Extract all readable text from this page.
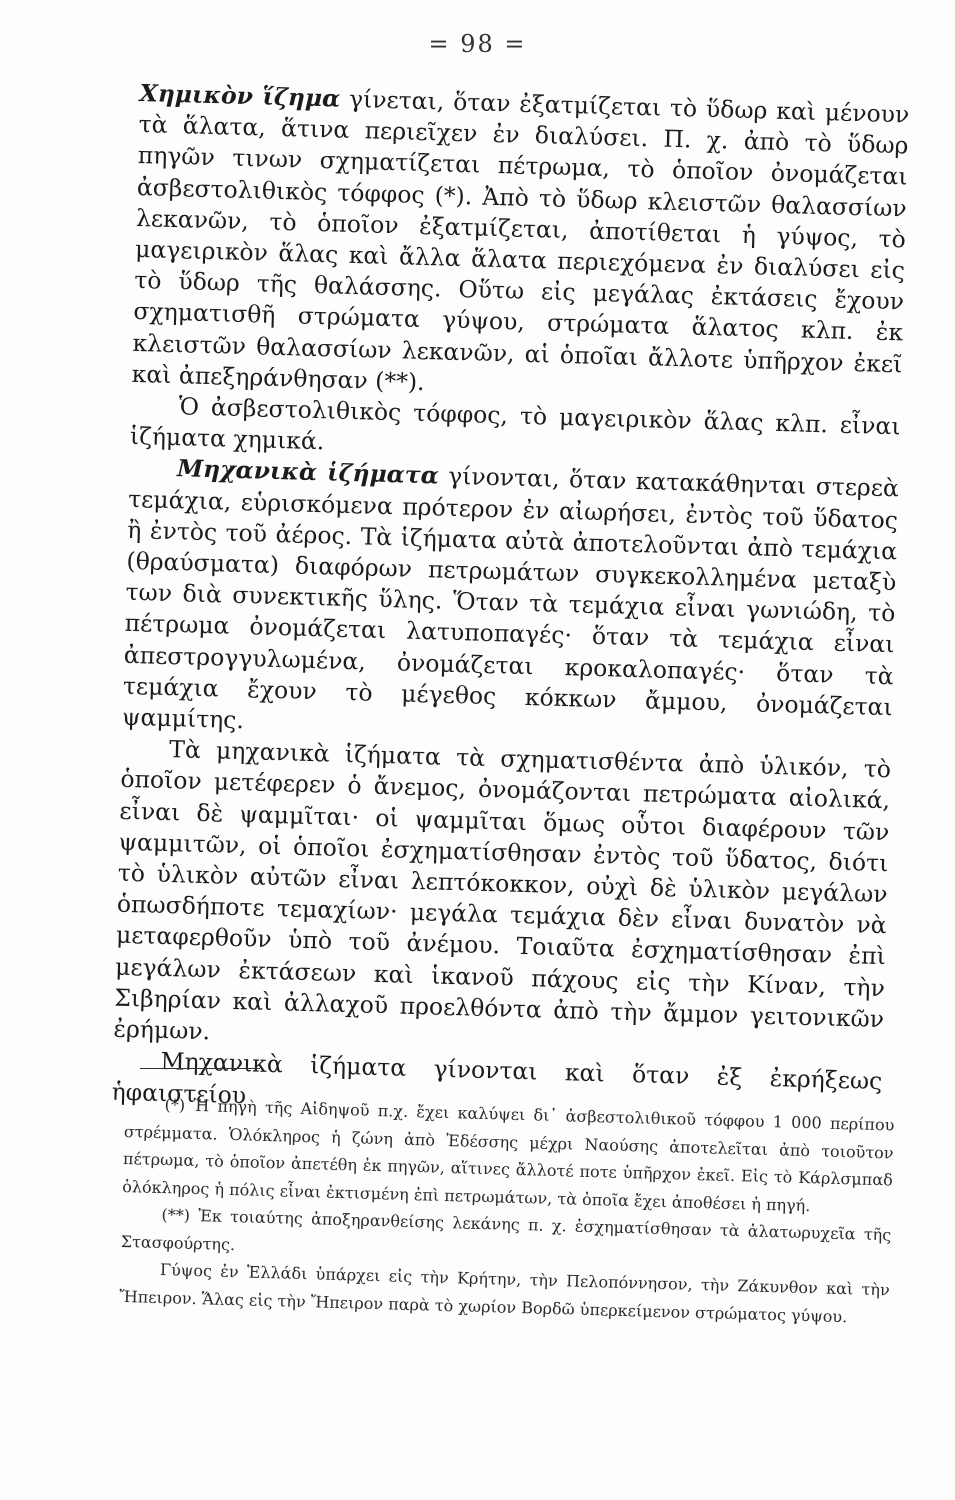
= 98 =

Χημικὸν ἵζημα γίνεται, ὅταν ἐξατμίζεται τὸ ὕδωρ καὶ μένουν τὰ ἅλατα, ἅτινα περιεῖχεν ἐν διαλύσει. Π. χ. ἀπὸ τὸ ὕδωρ πηγῶν τινων σχηματίζεται πέτρωμα, τὸ ὁποῖον ὀνομάζεται ἀσβεστολιθικὸς τόφφος (*). Ἀπὸ τὸ ὕδωρ κλειστῶν θαλασσίων λεκανῶν, τὸ ὁποῖον ἐξατμίζεται, ἀποτίθεται ἡ γύψος, τὸ μαγειρικὸν ἅλας καὶ ἄλλα ἅλατα περιεχόμενα ἐν διαλύσει εἰς τὸ ὕδωρ τῆς θαλάσσης. Οὕτω εἰς μεγάλας ἐκτάσεις ἔχουν σχηματισθῆ στρώματα γύψου, στρώματα ἅλατος κλπ. ἐκ κλειστῶν θαλασσίων λεκανῶν, αἱ ὁποῖαι ἄλλοτε ὑπῆρχον ἐκεῖ καὶ ἀπεξηράνθησαν (**).

Ὁ ἀσβεστολιθικὸς τόφφος, τὸ μαγειρικὸν ἅλας κλπ. εἶναι ἱζήματα χημικά.

Μηχανικὰ ἱζήματα γίνονται, ὅταν κατακάθηνται στερεὰ τεμάχια, εὑρισκόμενα πρότερον ἐν αἰωρήσει, ἐντὸς τοῦ ὕδατος ἢ ἐντὸς τοῦ ἀέρος. Τὰ ἱζήματα αὐτὰ ἀποτελοῦνται ἀπὸ τεμάχια (θραύσματα) διαφόρων πετρωμάτων συγκεκολλημένα μεταξὺ των διὰ συνεκτικῆς ὕλης. Ὅταν τὰ τεμάχια εἶναι γωνιώδη, τὸ πέτρωμα ὀνομάζεται λατυποπαγές· ὅταν τὰ τεμάχια εἶναι ἀπεστρογγυλωμένα, ὀνομάζεται κροκαλοπαγές· ὅταν τὰ τεμάχια ἔχουν τὸ μέγεθος κόκκων ἄμμου, ὀνομάζεται ψαμμίτης.

Τὰ μηχανικὰ ἱζήματα τὰ σχηματισθέντα ἀπὸ ὑλικόν, τὸ ὁποῖον μετέφερεν ὁ ἄνεμος, ὀνομάζονται πετρώματα αἰολικά, εἶναι δὲ ψαμμῖται· οἱ ψαμμῖται ὅμως οὗτοι διαφέρουν τῶν ψαμμιτῶν, οἱ ὁποῖοι ἐσχηματίσθησαν ἐντὸς τοῦ ὕδατος, διότι τὸ ὑλικὸν αὐτῶν εἶναι λεπτόκοκκον, οὐχὶ δὲ ὑλικὸν μεγάλων ὁπωσδήποτε τεμαχίων· μεγάλα τεμάχια δὲν εἶναι δυνατὸν νὰ μεταφερθοῦν ὑπὸ τοῦ ἀνέμου. Τοιαῦτα ἐσχηματίσθησαν ἐπὶ μεγάλων ἐκτάσεων καὶ ἱκανοῦ πάχους εἰς τὴν Κίναν, τὴν Σιβηρίαν καὶ ἀλλαχοῦ προελθόντα ἀπὸ τὴν ἄμμον γειτονικῶν ἐρήμων.

Μηχανικὰ ἱζήματα γίνονται καὶ ὅταν ἐξ ἐκρήξεως ἡφαιστείου

(*) Ἡ πηγὴ τῆς Αἰδηψοῦ π.χ. ἔχει καλύψει δι᾽ ἀσβεστολιθικοῦ τόφφου 1 000 περίπου στρέμματα. Ὁλόκληρος ἡ ζώνη ἀπὸ Ἐδέσσης μέχρι Ναούσης ἀποτελεῖται ἀπὸ τοιοῦτον πέτρωμα, τὸ ὁποῖον ἀπετέθη ἐκ πηγῶν, αἵτινες ἄλλοτέ ποτε ὑπῆρχον ἐκεῖ. Εἰς τὸ Κάρλσμπαδ ὁλόκληρος ἡ πόλις εἶναι ἐκτισμένη ἐπὶ πετρωμάτων, τὰ ὁποῖα ἔχει ἀποθέσει ἡ πηγή.

(**) Ἐκ τοιαύτης ἀποξηρανθείσης λεκάνης π. χ. ἐσχηματίσθησαν τὰ ἁλατωρυχεῖα τῆς Στασφούρτης.

Γύψος ἐν Ἑλλάδι ὑπάρχει εἰς τὴν Κρήτην, τὴν Πελοπόννησον, τὴν Ζάκυνθον καὶ τὴν Ἤπειρον. Ἅλας εἰς τὴν Ἤπειρον παρὰ τὸ χωρίον Βορδῶ ὑπερκείμενον στρώματος γύψου.
